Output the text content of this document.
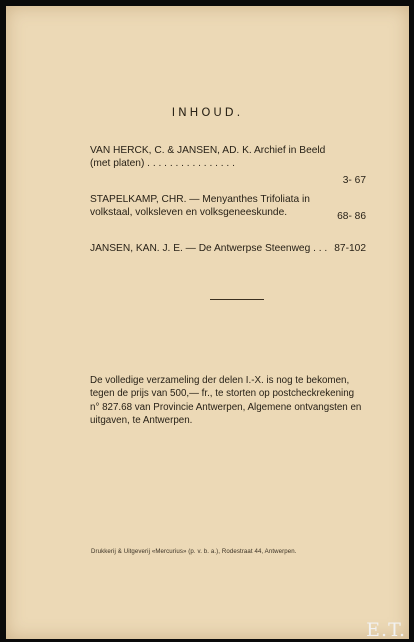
INHOUD.
VAN HERCK, C. & JANSEN, AD. K. Archief in Beeld
(met platen) . . . . . . . . . . . . . . . .
3- 67
STAPELKAMP, CHR. — Menyanthes Trifoliata in
volkstaal, volksleven en volksgeneeskunde.	68- 86
JANSEN, KAN. J. E. — De Antwerpse Steenweg . . . 87-102
De volledige verzameling der delen I.-X. is nog te bekomen,
tegen de prijs van 500,— fr., te storten op postcheckrekening
n° 827.68 van Provincie Antwerpen, Algemene ontvangsten en
uitgaven, te Antwerpen.
Drukkerij & Uitgeverij «Mercurius» (p. v. b. a.), Rodestraat 44, Antwerpen.
E.T.
